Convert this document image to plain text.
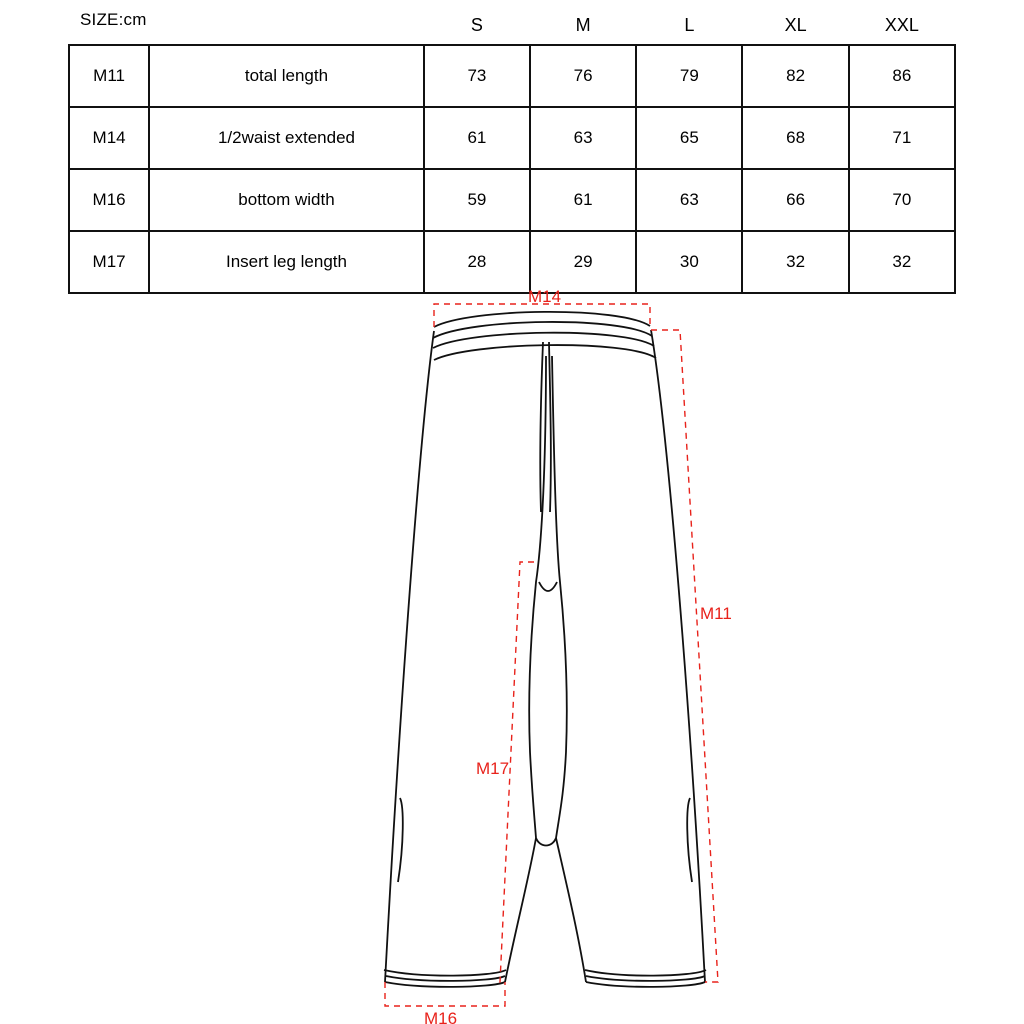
SIZE:cm
			S	M	L	XL	XXL
M11	total length	73	76	79	82	86
M14	1/2waist extended	61	63	65	68	71
M16	bottom width	59	61	63	66	70
M17	Insert leg length	28	29	30	32	32
M14
M11
M17
M16
